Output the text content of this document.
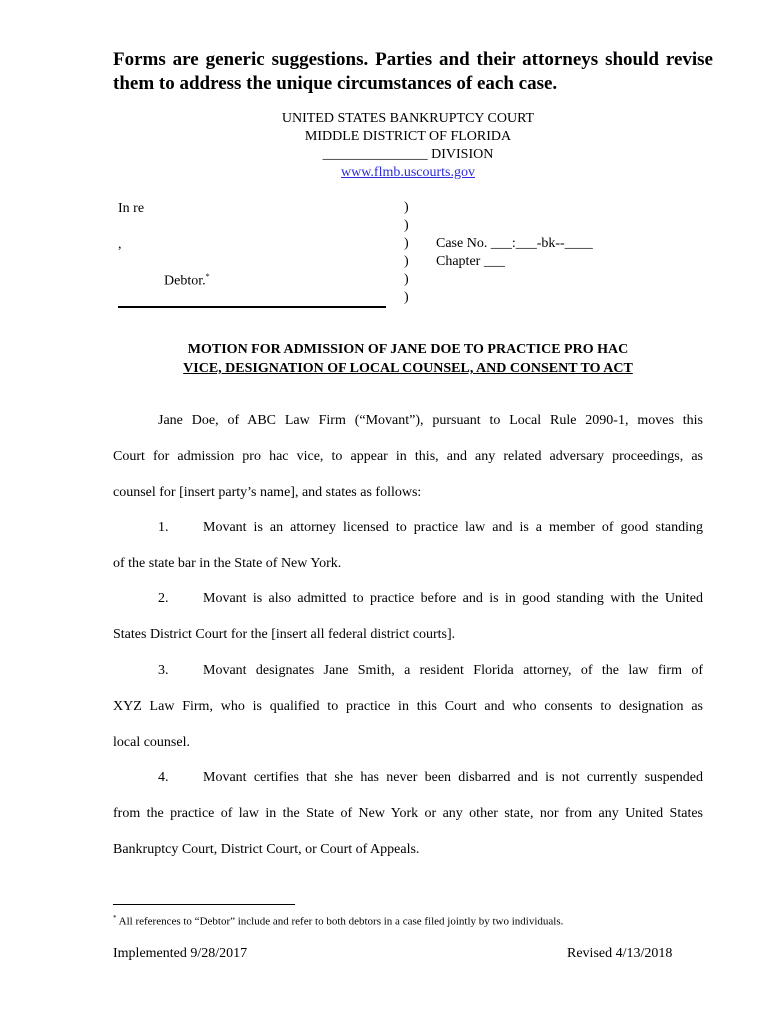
Forms are generic suggestions. Parties and their attorneys should revise them to address the unique circumstances of each case.
UNITED STATES BANKRUPTCY COURT
MIDDLE DISTRICT OF FLORIDA
_______________ DIVISION
www.flmb.uscourts.gov
In re
,
Debtor.*
)
)
)
)
)
)
Case No. ___:___-bk--____
Chapter ___
MOTION FOR ADMISSION OF JANE DOE TO PRACTICE PRO HAC
VICE, DESIGNATION OF LOCAL COUNSEL, AND CONSENT TO ACT
Jane Doe, of ABC Law Firm (“Movant”), pursuant to Local Rule 2090-1, moves this
Court for admission pro hac vice, to appear in this, and any related adversary proceedings, as
counsel for [insert party’s name], and states as follows:
1. Movant is an attorney licensed to practice law and is a member of good standing
of the state bar in the State of New York.
2. Movant is also admitted to practice before and is in good standing with the United
States District Court for the [insert all federal district courts].
3. Movant designates Jane Smith, a resident Florida attorney, of the law firm of
XYZ Law Firm, who is qualified to practice in this Court and who consents to designation as
local counsel.
4. Movant certifies that she has never been disbarred and is not currently suspended
from the practice of law in the State of New York or any other state, nor from any United States
Bankruptcy Court, District Court, or Court of Appeals.
* All references to “Debtor” include and refer to both debtors in a case filed jointly by two individuals.
Implemented 9/28/2017	Revised 4/13/2018
